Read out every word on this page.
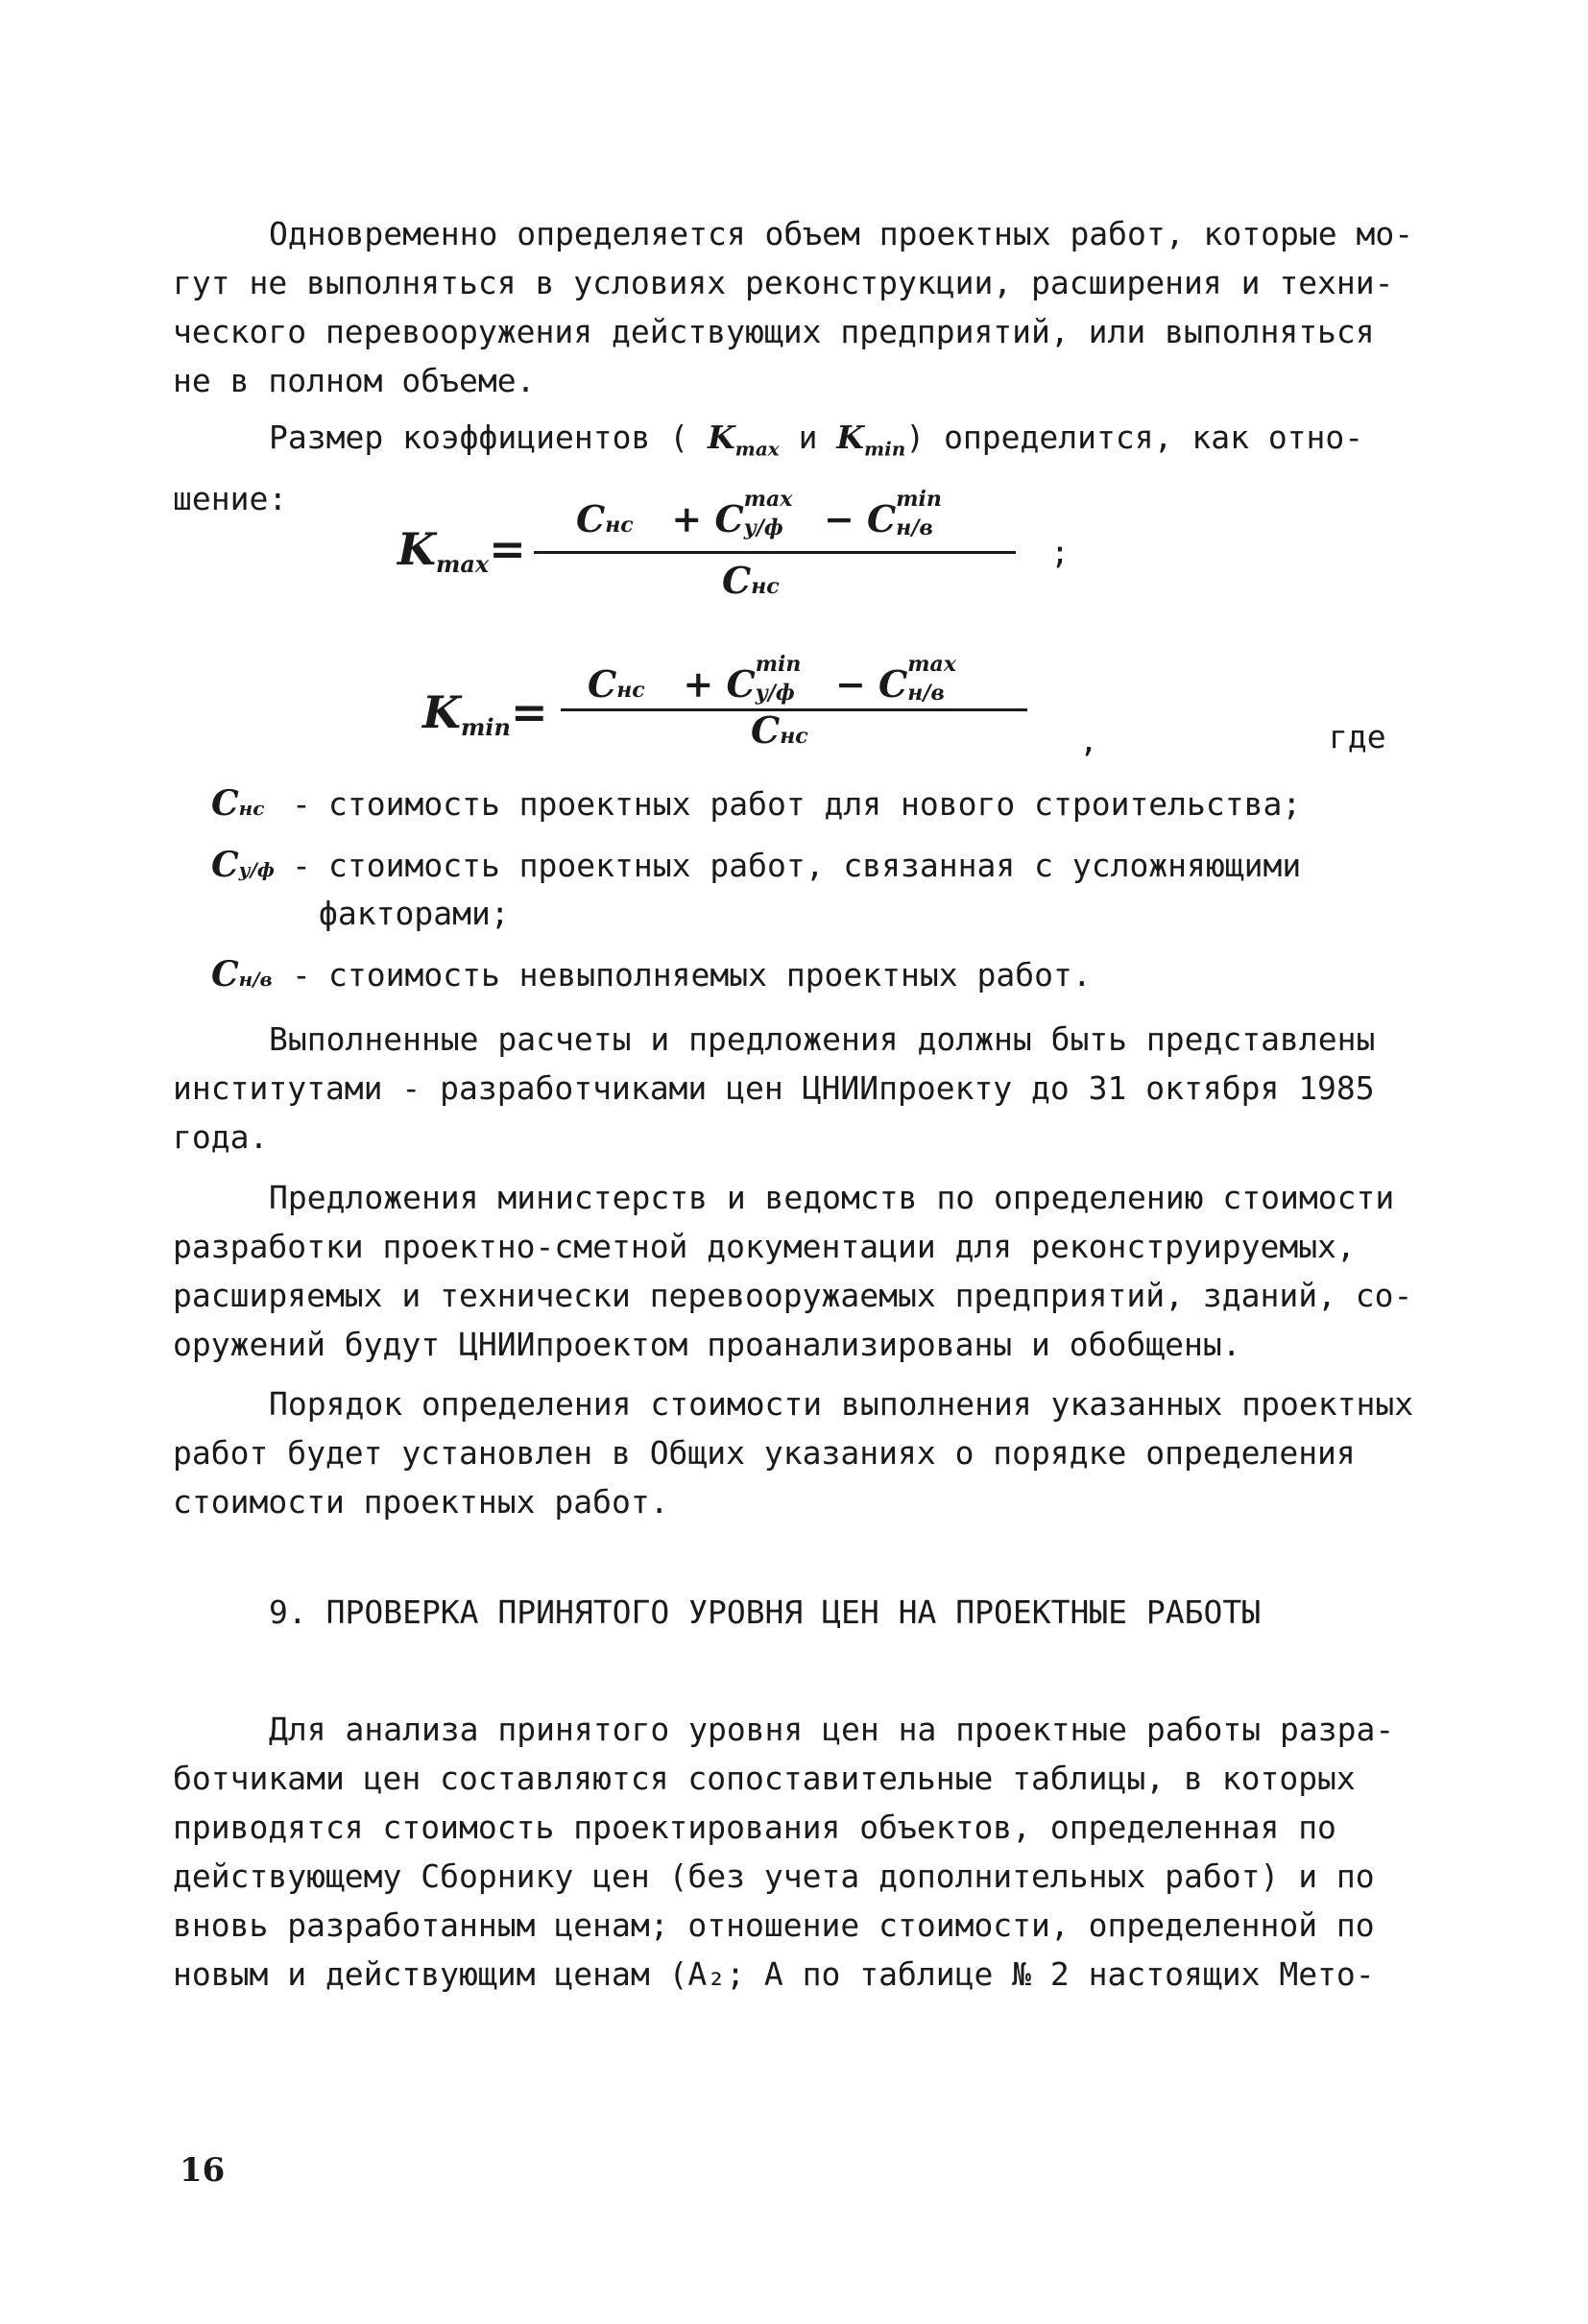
Одновременно определяется объем проектных работ, которые мо-
гут не выполняться в условиях реконструкции, расширения и техни-
ческого перевооружения действующих предприятий, или выполняться
не в полном объеме.
Размер коэффициентов ( $K_{max}$ и $K_{min}$) определится, как отно-
шение:
$K_{max}=$
Cнс + C max
у/ф − C min
н/в
Cнс
;
$K_{min}=$
Cнс + C min
у/ф − C max
н/в
Cнс	,	где
Cнс - стоимость проектных работ для нового строительства;
Cу/ф - стоимость проектных работ, связанная с усложняющими
факторами;
Cн/в - стоимость невыполняемых проектных работ.
Выполненные расчеты и предложения должны быть представлены
институтами - разработчиками цен ЦНИИпроекту до 31 октября 1985
года.
Предложения министерств и ведомств по определению стоимости
разработки проектно-сметной документации для реконструируемых,
расширяемых и технически перевооружаемых предприятий, зданий, со-
оружений будут ЦНИИпроектом проанализированы и обобщены.
Порядок определения стоимости выполнения указанных проектных
работ будет установлен в Общих указаниях о порядке определения
стоимости проектных работ.
9. ПРОВЕРКА ПРИНЯТОГО УРОВНЯ ЦЕН НА ПРОЕКТНЫЕ РАБОТЫ
Для анализа принятого уровня цен на проектные работы разра-
ботчиками цен составляются сопоставительные таблицы, в которых
приводятся стоимость проектирования объектов, определенная по
действующему Сборнику цен (без учета дополнительных работ) и по
вновь разработанным ценам; отношение стоимости, определенной по
новым и действующим ценам (A₂; A по таблице № 2 настоящих Мето-
16
